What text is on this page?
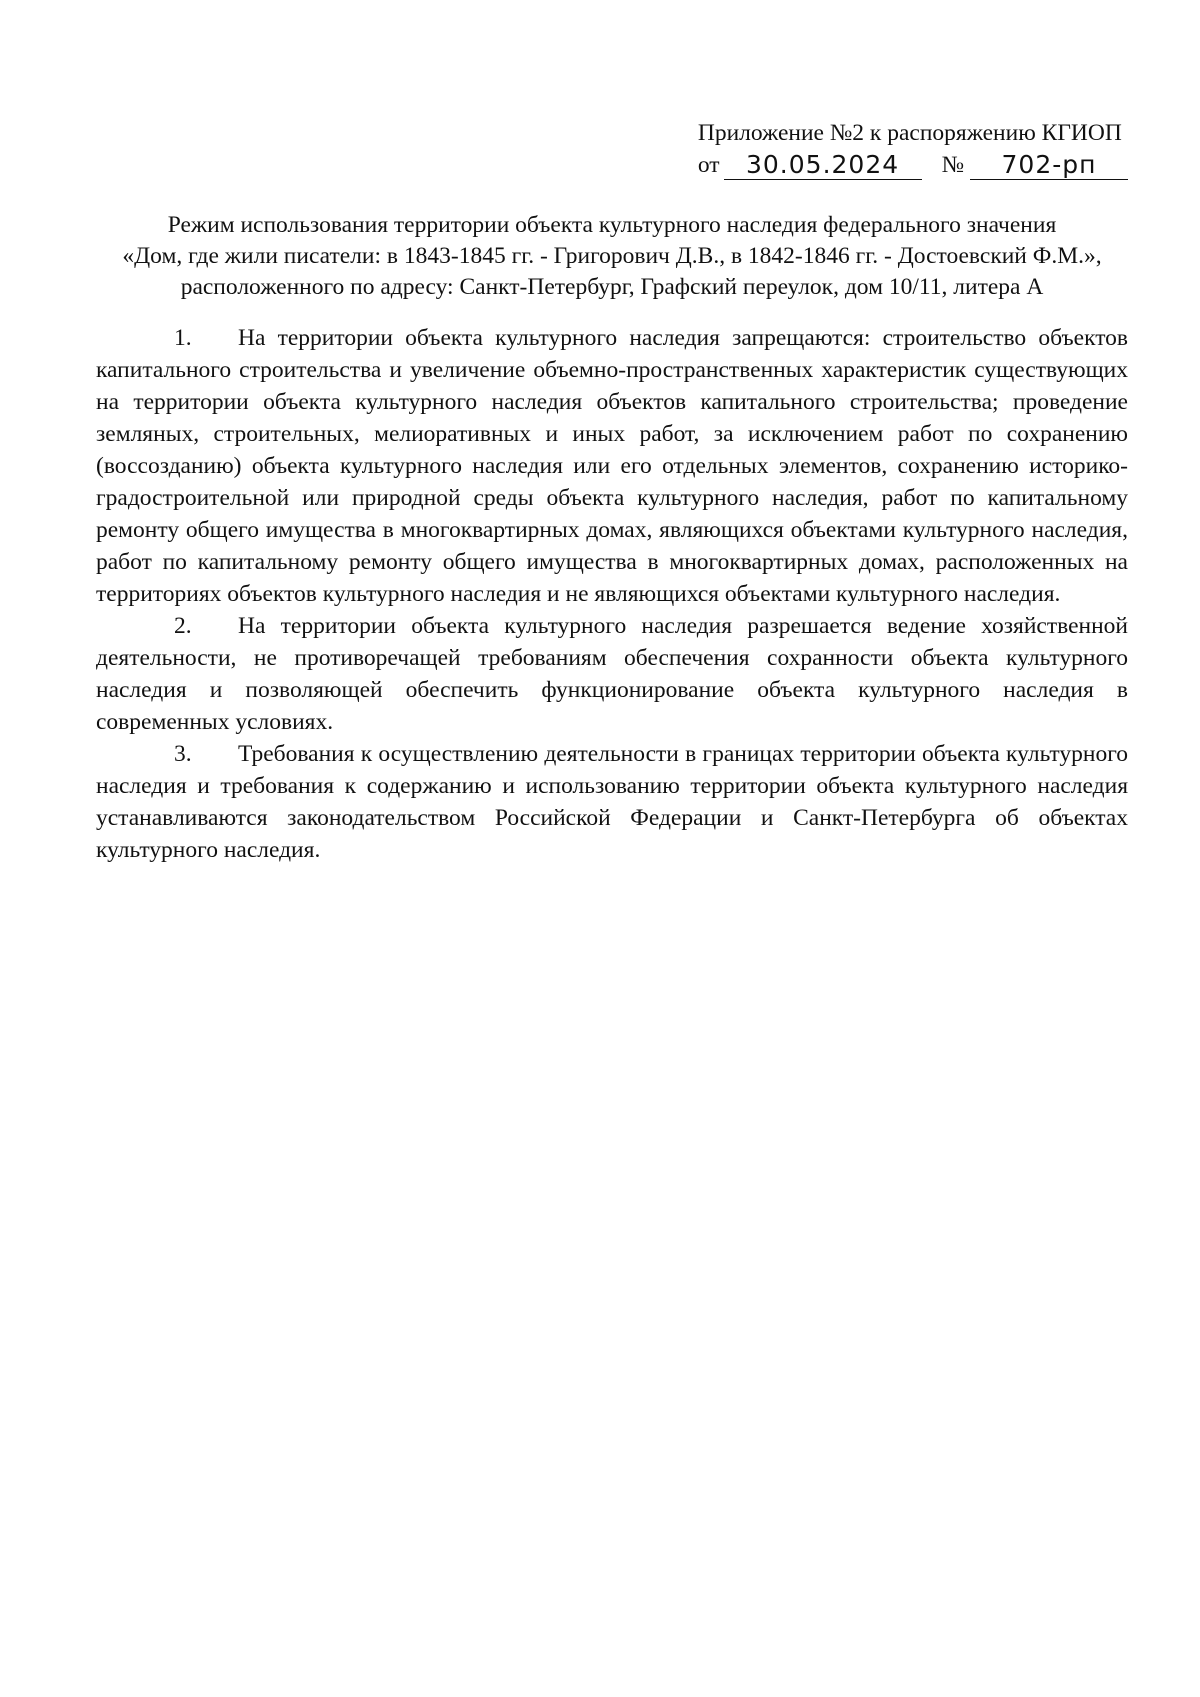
Приложение №2 к распоряжению КГИОП
от	30.05.2024	№	702-рп
Режим использования территории объекта культурного наследия федерального значения
«Дом, где жили писатели: в 1843-1845 гг. - Григорович Д.В., в 1842-1846 гг. - Достоевский Ф.М.»,
расположенного по адресу: Санкт-Петербург, Графский переулок, дом 10/11, литера А

1. На территории объекта культурного наследия запрещаются: строительство объектов капитального строительства и увеличение объемно-пространственных характеристик существующих на территории объекта культурного наследия объектов капитального строительства; проведение земляных, строительных, мелиоративных и иных работ, за исключением работ по сохранению (воссозданию) объекта культурного наследия или его отдельных элементов, сохранению историко-градостроительной или природной среды объекта культурного наследия, работ по капитальному ремонту общего имущества в многоквартирных домах, являющихся объектами культурного наследия, работ по капитальному ремонту общего имущества в многоквартирных домах, расположенных на территориях объектов культурного наследия и не являющихся объектами культурного наследия.

2. На территории объекта культурного наследия разрешается ведение хозяйственной деятельности, не противоречащей требованиям обеспечения сохранности объекта культурного наследия и позволяющей обеспечить функционирование объекта культурного наследия в современных условиях.

3. Требования к осуществлению деятельности в границах территории объекта культурного наследия и требования к содержанию и использованию территории объекта культурного наследия устанавливаются законодательством Российской Федерации и Санкт-Петербурга об объектах культурного наследия.
